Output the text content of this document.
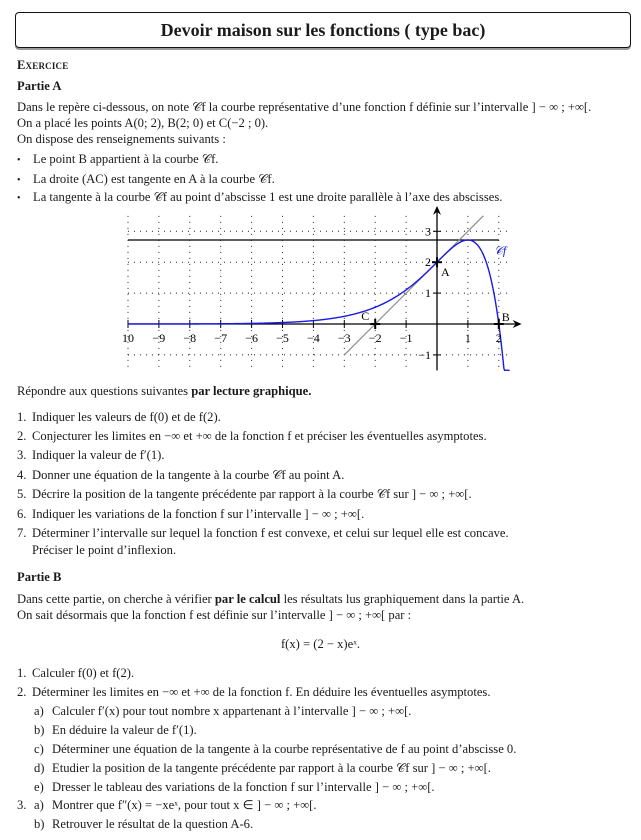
Devoir maison sur les fonctions ( type bac)
Exercice
Partie A
Dans le repère ci-dessous, on note 𝒞f la courbe représentative d’une fonction f définie sur l’intervalle ] − ∞ ; +∞[.
On a placé les points A(0; 2), B(2; 0) et C(−2 ; 0).
On dispose des renseignements suivants :
• Le point B appartient à la courbe 𝒞f.
• La droite (AC) est tangente en A à la courbe 𝒞f.
• La tangente à la courbe 𝒞f au point d’abscisse 1 est une droite parallèle à l’axe des abscisses.
A
B
C
10 −9 −8 −7 −6 −5 −4 −3 −2 −1	1 2
−1
1
2
3
𝒞f
Répondre aux questions suivantes par lecture graphique.
1. Indiquer les valeurs de f(0) et de f(2).
2. Conjecturer les limites en −∞ et +∞ de la fonction f et préciser les éventuelles asymptotes.
3. Indiquer la valeur de f′(1).
4. Donner une équation de la tangente à la courbe 𝒞f au point A.
5. Décrire la position de la tangente précédente par rapport à la courbe 𝒞f sur ] − ∞ ; +∞[.
6. Indiquer les variations de la fonction f sur l’intervalle ] − ∞ ; +∞[.
7. Déterminer l’intervalle sur lequel la fonction f est convexe, et celui sur lequel elle est concave.
Préciser le point d’inflexion.
Partie B
Dans cette partie, on cherche à vérifier par le calcul les résultats lus graphiquement dans la partie A.
On sait désormais que la fonction f est définie sur l’intervalle ] − ∞ ; +∞[ par :
f(x) = (2 − x)eˣ.
1. Calculer f(0) et f(2).
2. Déterminer les limites en −∞ et +∞ de la fonction f. En déduire les éventuelles asymptotes.
a) Calculer f′(x) pour tout nombre x appartenant à l’intervalle ] − ∞ ; +∞[.
b) En déduire la valeur de f′(1).
c) Déterminer une équation de la tangente à la courbe représentative de f au point d’abscisse 0.
d) Etudier la position de la tangente précédente par rapport à la courbe 𝒞f sur ] − ∞ ; +∞[.
e) Dresser le tableau des variations de la fonction f sur l’intervalle ] − ∞ ; +∞[.
3. a) Montrer que f″(x) = −xeˣ, pour tout x ∈ ] − ∞ ; +∞[.
b) Retrouver le résultat de la question A-6.
